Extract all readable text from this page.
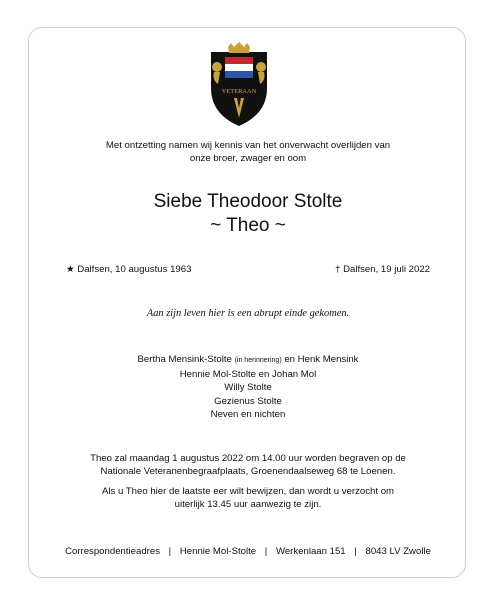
VETERAAN
Met ontzetting namen wij kennis van het onverwacht overlijden van
onze broer, zwager en oom
Siebe Theodoor Stolte
~ Theo ~
★ Dalfsen, 10 augustus 1963	† Dalfsen, 19 juli 2022
Aan zijn leven hier is een abrupt einde gekomen.
Bertha Mensink-Stolte (in herinnering) en Henk Mensink
Hennie Mol-Stolte en Johan Mol
Willy Stolte
Gezienus Stolte
Neven en nichten
Theo zal maandag 1 augustus 2022 om 14.00 uur worden begraven op de
Nationale Veteranenbegraafplaats, Groenendaalseweg 68 te Loenen.
Als u Theo hier de laatste eer wilt bewijzen, dan wordt u verzocht om
uiterlijk 13.45 uur aanwezig te zijn.
Correspondentieadres | Hennie Mol-Stolte | Werkenlaan 151 | 8043 LV Zwolle
